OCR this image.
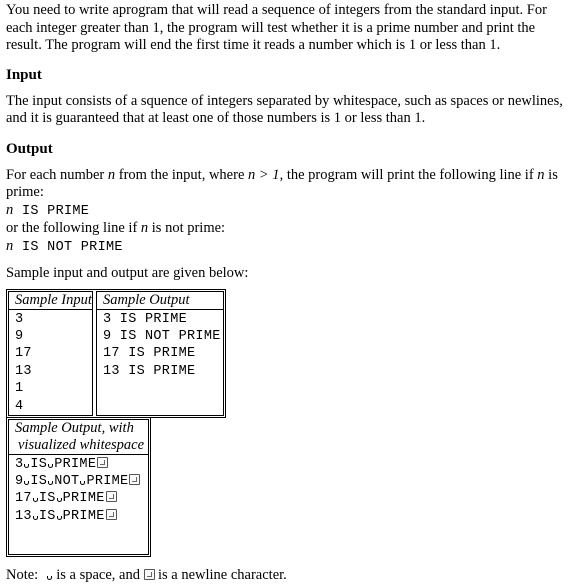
You need to write aprogram that will read a sequence of integers from the standard input. For each integer greater than 1, the program will test whether it is a prime number and print the result. The program will end the first time it reads a number which is 1 or less than 1.

Input

The input consists of a squence of integers separated by whitespace, such as spaces or newlines, and it is guaranteed that at least one of those numbers is 1 or less than 1.

Output

For each number n from the input, where n > 1, the program will print the following line if n is prime:

n IS PRIME

or the following line if n is not prime:

n IS NOT PRIME

Sample input and output are given below:

Sample Input
3
9
17
13
1
4
Sample Output
3 IS PRIME
9 IS NOT PRIME
17 IS PRIME
13 IS PRIME
Sample Output, with
visualized whitespace
3 IS PRIME
9 IS NOT PRIME
17 IS PRIME
13 IS PRIME

Note: is a space, and is a newline character.
